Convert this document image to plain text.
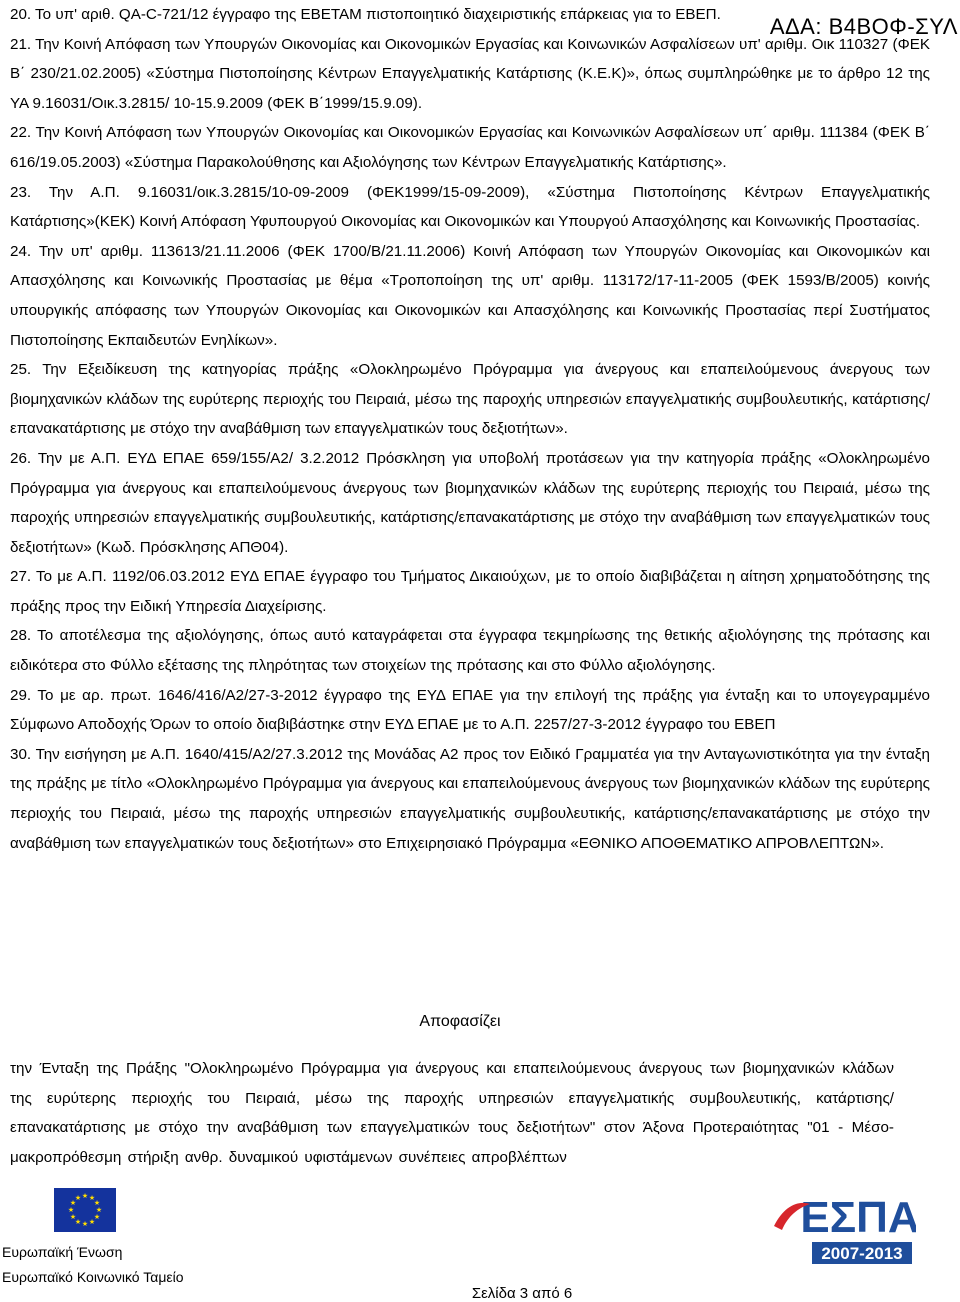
ΑΔΑ: Β4ΒΟΦ-ΣΥΛ

20. Το υπ' αριθ. QA-C-721/12 έγγραφο της ΕΒΕΤΑΜ πιστοποιητικό διαχειριστικής επάρκειας για το ΕΒΕΠ.

21. Την Κοινή Απόφαση των Υπουργών Οικονομίας και Οικονομικών Εργασίας και Κοινωνικών Ασφαλίσεων υπ' αριθμ. Οικ 110327 (ΦΕΚ Β΄ 230/21.02.2005) «Σύστημα Πιστοποίησης Κέντρων Επαγγελματικής Κατάρτισης (Κ.Ε.Κ)», όπως συμπληρώθηκε με το άρθρο 12 της ΥΑ 9.16031/Οικ.3.2815/ 10-15.9.2009 (ΦΕΚ Β΄1999/15.9.09).

22. Την Κοινή Απόφαση των Υπουργών Οικονομίας και Οικονομικών Εργασίας και Κοινωνικών Ασφαλίσεων υπ΄ αριθμ. 111384 (ΦΕΚ Β΄ 616/19.05.2003) «Σύστημα Παρακολούθησης και Αξιολόγησης των Κέντρων Επαγγελματικής Κατάρτισης».

23. Την Α.Π. 9.16031/οικ.3.2815/10-09-2009 (ΦΕΚ1999/15-09-2009), «Σύστημα Πιστοποίησης Κέντρων Επαγγελματικής Κατάρτισης»(ΚΕΚ) Κοινή Απόφαση Υφυπουργού Οικονομίας και Οικονομικών και Υπουργού Απασχόλησης και Κοινωνικής Προστασίας.

24. Την υπ' αριθμ. 113613/21.11.2006 (ΦΕΚ 1700/Β/21.11.2006) Κοινή Απόφαση των Υπουργών Οικονομίας και Οικονομικών και Απασχόλησης και Κοινωνικής Προστασίας με θέμα «Τροποποίηση της υπ' αριθμ. 113172/17-11-2005 (ΦΕΚ 1593/Β/2005) κοινής υπουργικής απόφασης των Υπουργών Οικονομίας και Οικονομικών και Απασχόλησης και Κοινωνικής Προστασίας περί Συστήματος Πιστοποίησης Εκπαιδευτών Ενηλίκων».

25. Την Εξειδίκευση της κατηγορίας πράξης «Ολοκληρωμένο Πρόγραμμα για άνεργους και επαπειλούμενους άνεργους των βιομηχανικών κλάδων της ευρύτερης περιοχής του Πειραιά, μέσω της παροχής υπηρεσιών επαγγελματικής συμβουλευτικής, κατάρτισης/επανακατάρτισης με στόχο την αναβάθμιση των επαγγελματικών τους δεξιοτήτων».

26. Την με Α.Π. ΕΥΔ ΕΠΑΕ 659/155/Α2/ 3.2.2012 Πρόσκληση για υποβολή προτάσεων για την κατηγορία πράξης «Ολοκληρωμένο Πρόγραμμα για άνεργους και επαπειλούμενους άνεργους των βιομηχανικών κλάδων της ευρύτερης περιοχής του Πειραιά, μέσω της παροχής υπηρεσιών επαγγελματικής συμβουλευτικής, κατάρτισης/επανακατάρτισης με στόχο την αναβάθμιση των επαγγελματικών τους δεξιοτήτων» (Κωδ. Πρόσκλησης ΑΠΘ04).

27. Το με Α.Π. 1192/06.03.2012 ΕΥΔ ΕΠΑΕ έγγραφο του Τμήματος Δικαιούχων, με το οποίο διαβιβάζεται η αίτηση χρηματοδότησης της πράξης προς την Ειδική Υπηρεσία Διαχείρισης.

28. Το αποτέλεσμα της αξιολόγησης, όπως αυτό καταγράφεται στα έγγραφα τεκμηρίωσης της θετικής αξιολόγησης της πρότασης και ειδικότερα στο Φύλλο εξέτασης της πληρότητας των στοιχείων της πρότασης και στο Φύλλο αξιολόγησης.

29. Το με αρ. πρωτ. 1646/416/Α2/27-3-2012 έγγραφο της ΕΥΔ ΕΠΑΕ για την επιλογή της πράξης για ένταξη και το υπογεγραμμένο Σύμφωνο Αποδοχής Όρων το οποίο διαβιβάστηκε στην ΕΥΔ ΕΠΑΕ με το Α.Π. 2257/27-3-2012 έγγραφο του ΕΒΕΠ

30. Την εισήγηση με Α.Π. 1640/415/Α2/27.3.2012 της Μονάδας Α2 προς τον Ειδικό Γραμματέα για την Ανταγωνιστικότητα για την ένταξη της πράξης με τίτλο «Ολοκληρωμένο Πρόγραμμα για άνεργους και επαπειλούμενους άνεργους των βιομηχανικών κλάδων της ευρύτερης περιοχής του Πειραιά, μέσω της παροχής υπηρεσιών επαγγελματικής συμβουλευτικής, κατάρτισης/επανακατάρτισης με στόχο την αναβάθμιση των επαγγελματικών τους δεξιοτήτων» στο Επιχειρησιακό Πρόγραμμα «ΕΘΝΙΚΟ ΑΠΟΘΕΜΑΤΙΚΟ ΑΠΡΟΒΛΕΠΤΩΝ».

Αποφασίζει
την Ένταξη της Πράξης "Ολοκληρωμένο Πρόγραμμα για άνεργους και επαπειλούμενους άνεργους των βιομηχανικών κλάδων της ευρύτερης περιοχής του Πειραιά, μέσω της παροχής υπηρεσιών επαγγελματικής συμβουλευτικής, κατάρτισης/επανακατάρτισης με στόχο την αναβάθμιση των επαγγελματικών τους δεξιοτήτων" στον Άξονα Προτεραιότητας "01 - Μέσο-μακροπρόθεσμη στήριξη ανθρ. δυναμικού υφιστάμενων συνέπειες απροβλέπτων
★ ★
★
★
★
★
★
★
★
★
★
★
Ευρωπαϊκή Ένωση
Ευρωπαϊκό Κοινωνικό Ταμείο
ΕΣΠΑ
2007-2013
Σελίδα 3 από 6
